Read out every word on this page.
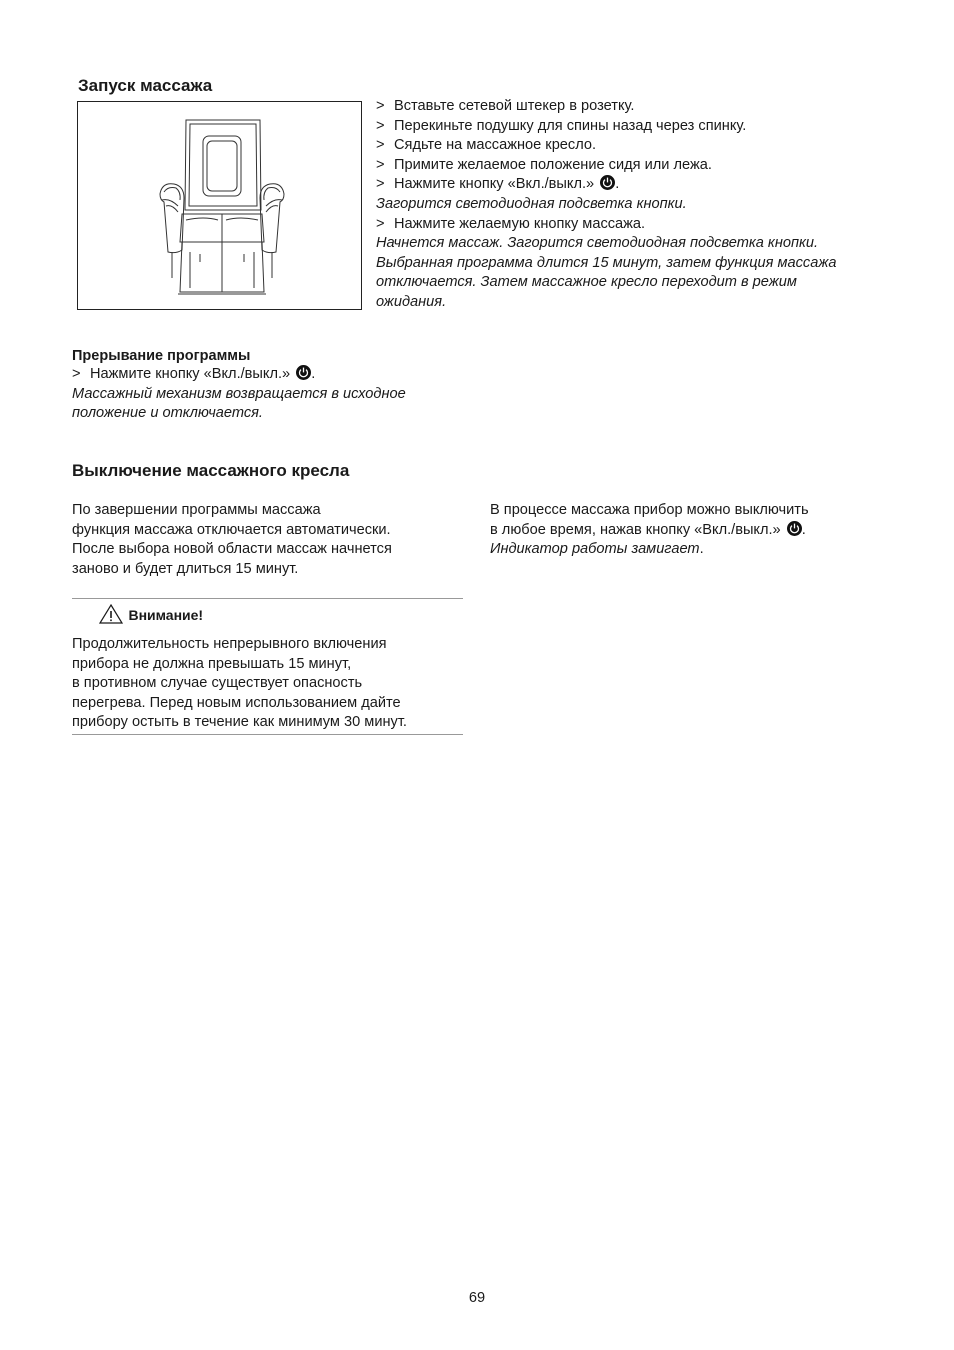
Запуск массажа
> Вставьте сетевой штекер в розетку.
> Перекиньте подушку для спины назад через спинку.
> Сядьте на массажное кресло.
> Примите желаемое положение сидя или лежа.
> Нажмите кнопку «Вкл./выкл.» .
Загорится светодиодная подсветка кнопки.
> Нажмите желаемую кнопку массажа.
Начнется массаж. Загорится светодиодная подсветка кнопки.
Выбранная программа длится 15 минут, затем функция массажа
отключается. Затем массажное кресло переходит в режим
ожидания.
Прерывание программы
> Нажмите кнопку «Вкл./выкл.» .
Массажный механизм возвращается в исходное
положение и отключается.
Выключение массажного кресла
По завершении программы массажа
функция массажа отключается автоматически.
После выбора новой области массаж начнется
заново и будет длиться 15 минут.
В процессе массажа прибор можно выключить
в любое время, нажав кнопку «Вкл./выкл.» .
Индикатор работы замигает.
Внимание!
Продолжительность непрерывного включения
прибора не должна превышать 15 минут,
в противном случае существует опасность
перегрева. Перед новым использованием дайте
прибору остыть в течение как минимум 30 минут.
69
